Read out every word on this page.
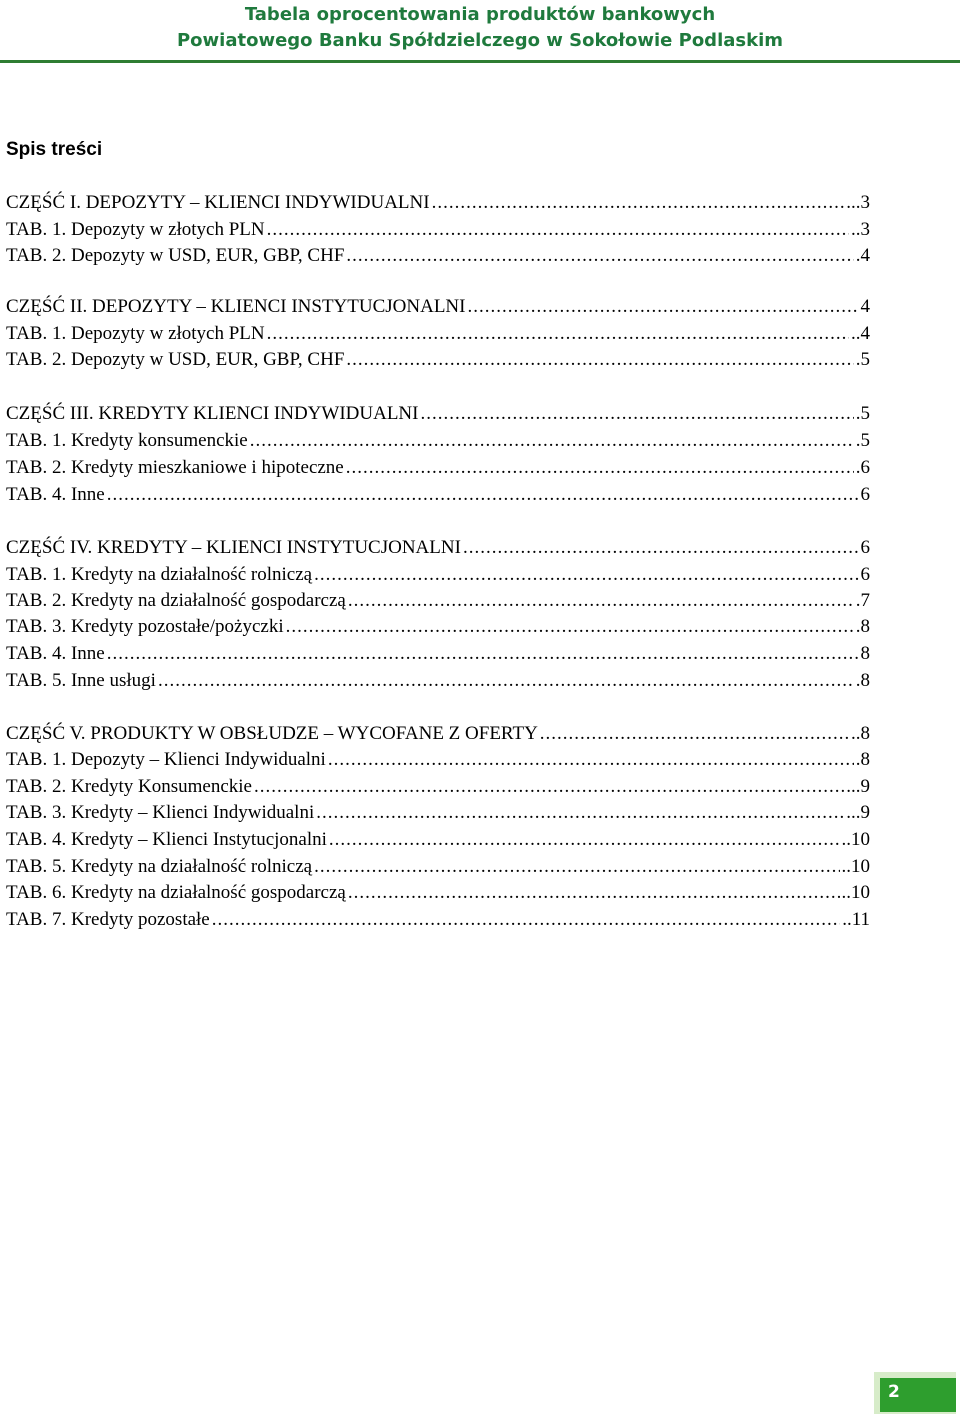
Tabela oprocentowania produktów bankowych
Powiatowego Banku Spółdzielczego w Sokołowie Podlaskim
Spis treści
CZĘŚĆ I. DEPOZYTY – KLIENCI INDYWIDUALNI .....	...3
TAB. 1. Depozyty w złotych PLN .....	..3
TAB. 2. Depozyty w USD, EUR, GBP, CHF .....	.4
CZĘŚĆ II. DEPOZYTY – KLIENCI INSTYTUCJONALNI .....	4
TAB. 1. Depozyty w złotych PLN .....	..4
TAB. 2. Depozyty w USD, EUR, GBP, CHF .....	.5
CZĘŚĆ III. KREDYTY KLIENCI INDYWIDUALNI .....	.5
TAB. 1. Kredyty konsumenckie .....	.5
TAB. 2. Kredyty mieszkaniowe i hipoteczne .....	.6
TAB. 4. Inne .....	6
CZĘŚĆ IV. KREDYTY – KLIENCI INSTYTUCJONALNI .....	6
TAB. 1. Kredyty na działalność rolniczą .....	6
TAB. 2. Kredyty na działalność gospodarczą .....	.7
TAB. 3. Kredyty pozostałe/pożyczki .....	.8
TAB. 4. Inne .....	8
TAB. 5. Inne usługi .....	.8
CZĘŚĆ V. PRODUKTY W OBSŁUDZE – WYCOFANE Z OFERTY .....	..8
TAB. 1. Depozyty – Klienci Indywidualni .....	.8
TAB. 2. Kredyty Konsumenckie .....	...9
TAB. 3. Kredyty – Klienci Indywidualni .....	...9
TAB. 4. Kredyty – Klienci Instytucjonalni .....	..10
TAB. 5. Kredyty na działalność rolniczą .....	..10
TAB. 6. Kredyty na działalność gospodarczą .....	..10
TAB. 7. Kredyty pozostałe .....	..11
2
